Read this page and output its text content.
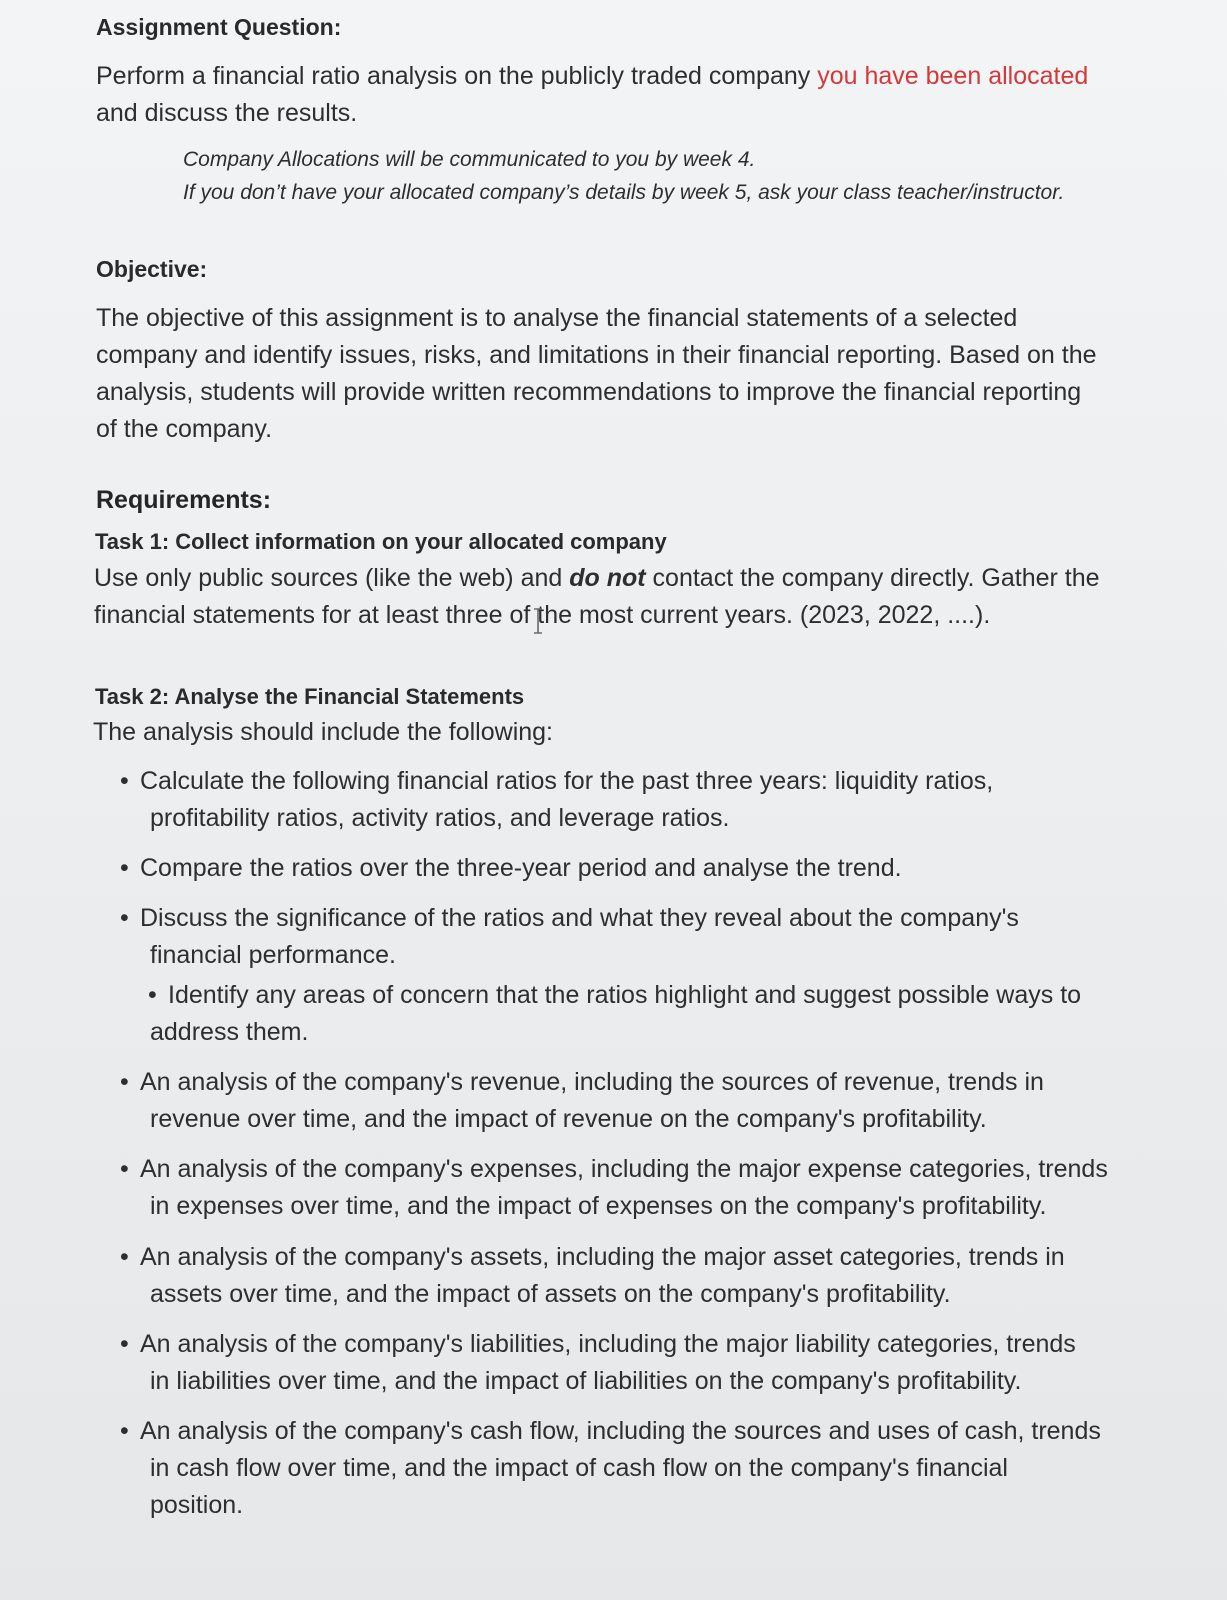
Assignment Question:
Perform a financial ratio analysis on the publicly traded company you have been allocated
and discuss the results.
Company Allocations will be communicated to you by week 4.
If you don’t have your allocated company’s details by week 5, ask your class teacher/instructor.
Objective:
The objective of this assignment is to analyse the financial statements of a selected
company and identify issues, risks, and limitations in their financial reporting. Based on the
analysis, students will provide written recommendations to improve the financial reporting
of the company.
Requirements:
Task 1: Collect information on your allocated company
Use only public sources (like the web) and do not contact the company directly. Gather the
financial statements for at least three of the most current years. (2023, 2022, ....).
Task 2: Analyse the Financial Statements
The analysis should include the following:
• Calculate the following financial ratios for the past three years: liquidity ratios,
profitability ratios, activity ratios, and leverage ratios.
• Compare the ratios over the three-year period and analyse the trend.
• Discuss the significance of the ratios and what they reveal about the company's
financial performance.
• Identify any areas of concern that the ratios highlight and suggest possible ways to
address them.
• An analysis of the company's revenue, including the sources of revenue, trends in
revenue over time, and the impact of revenue on the company's profitability.
• An analysis of the company's expenses, including the major expense categories, trends
in expenses over time, and the impact of expenses on the company's profitability.
• An analysis of the company's assets, including the major asset categories, trends in
assets over time, and the impact of assets on the company's profitability.
• An analysis of the company's liabilities, including the major liability categories, trends
in liabilities over time, and the impact of liabilities on the company's profitability.
• An analysis of the company's cash flow, including the sources and uses of cash, trends
in cash flow over time, and the impact of cash flow on the company's financial
position.
